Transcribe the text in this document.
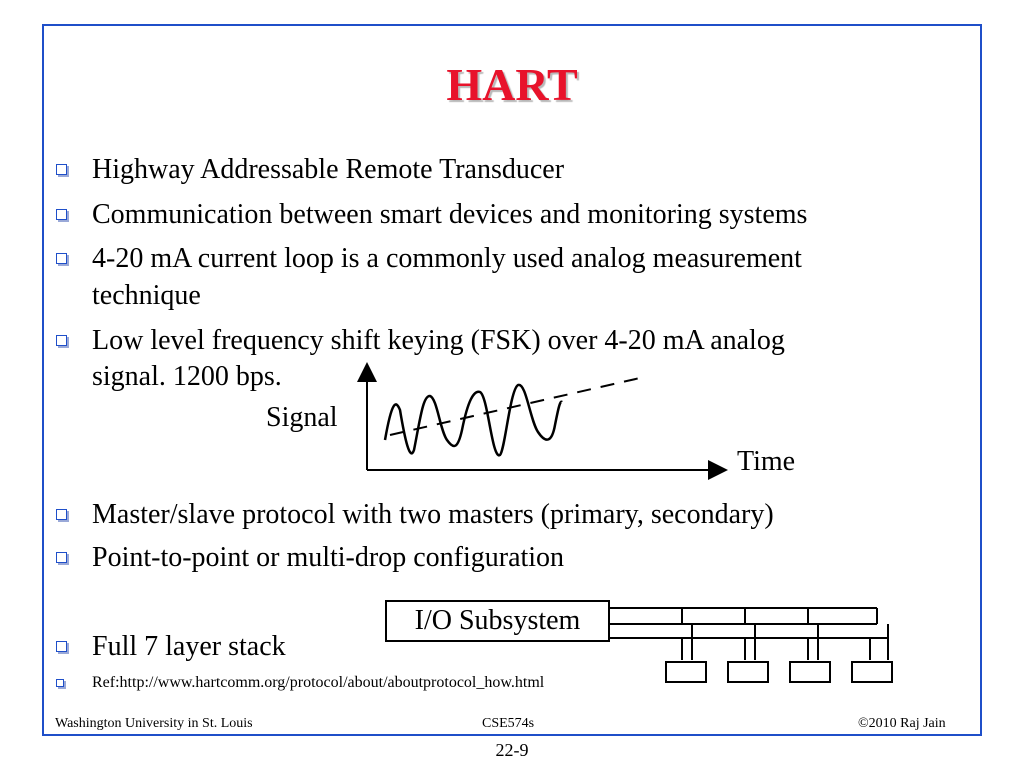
HART
Highway Addressable Remote Transducer
Communication between smart devices and monitoring systems
4-20 mA current loop is a commonly used analog measurement
technique
Low level frequency shift keying (FSK) over 4-20 mA analog
signal. 1200 bps.
Signal
Time
Master/slave protocol with two masters (primary, secondary)
Point-to-point or multi-drop configuration
I/O Subsystem
Full 7 layer stack
Ref:http://www.hartcomm.org/protocol/about/aboutprotocol_how.html
Washington University in St. Louis	CSE574s	©2010 Raj Jain
22-9
